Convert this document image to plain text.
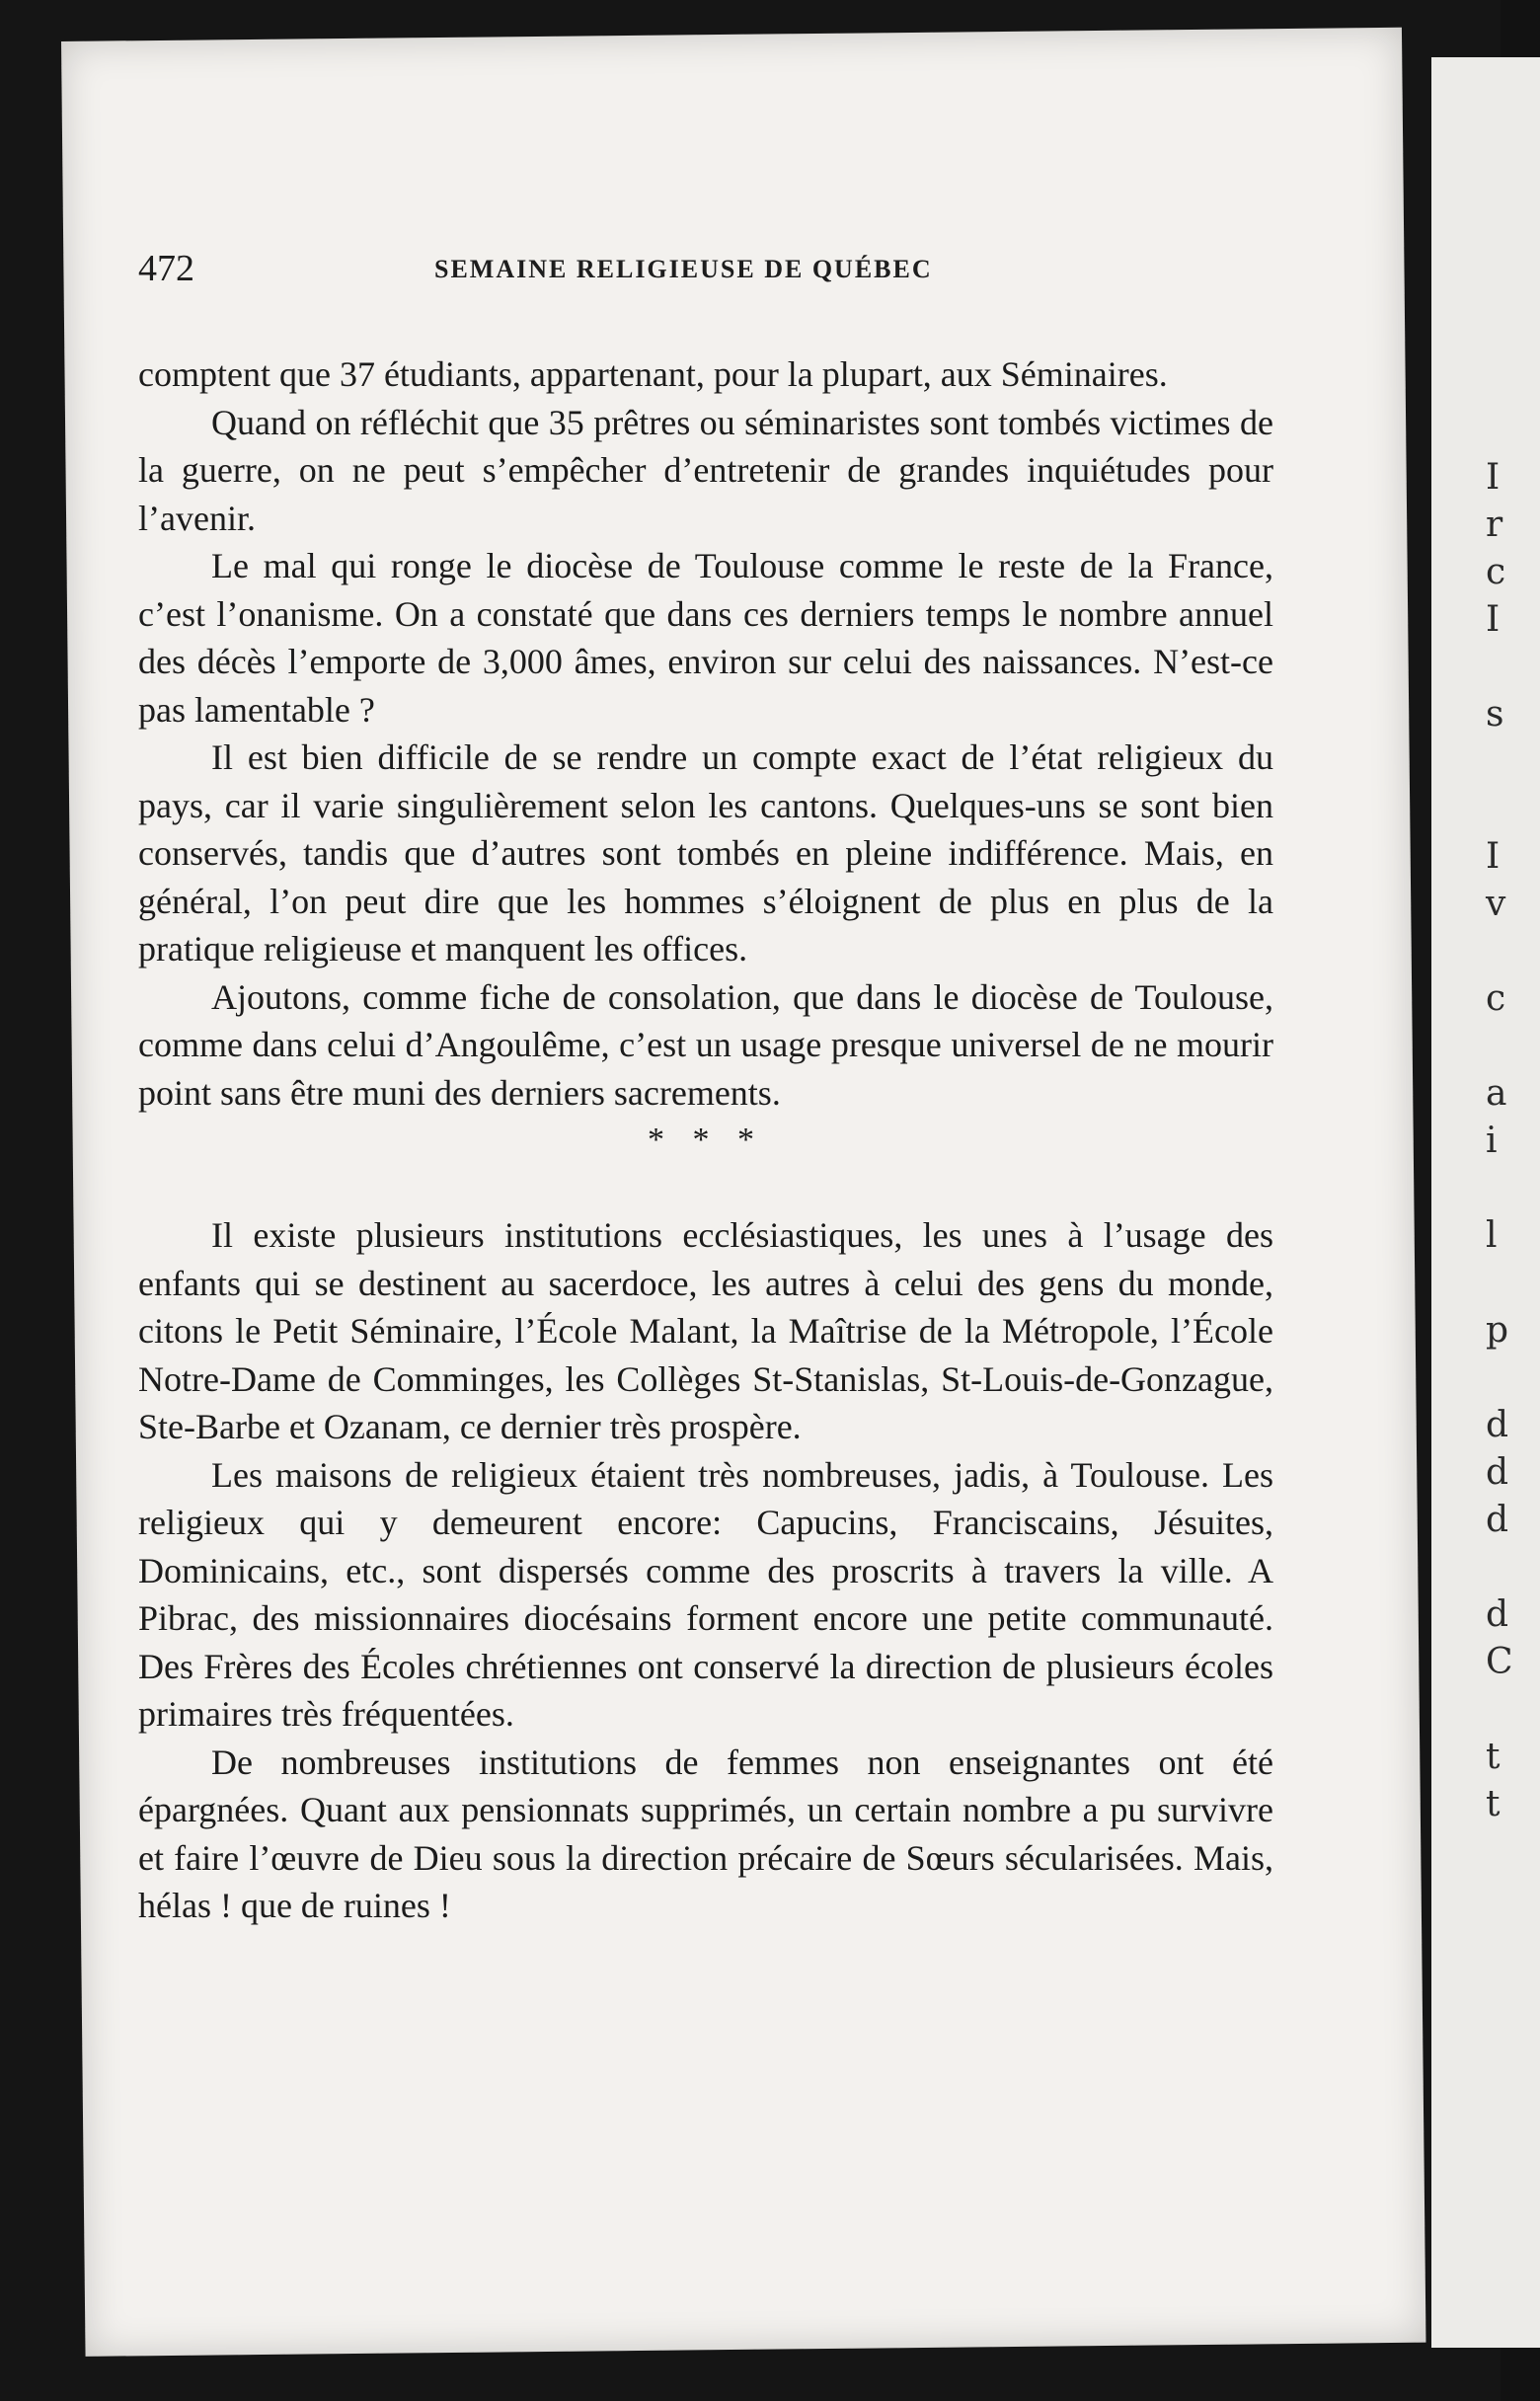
I
r
c
I

s

I
v

c

a
i

l

p

d
d
d

d
C

t
t
472	SEMAINE RELIGIEUSE DE QUÉBEC

comptent que 37 étudiants, appartenant, pour la plupart, aux Séminaires.

Quand on réfléchit que 35 prêtres ou séminaristes sont tombés victimes de la guerre, on ne peut s’empêcher d’entretenir de grandes inquiétudes pour l’avenir.

Le mal qui ronge le diocèse de Toulouse comme le reste de la France, c’est l’onanisme. On a constaté que dans ces derniers temps le nombre annuel des décès l’emporte de 3,000 âmes, environ sur celui des naissances. N’est-ce pas lamentable ?

Il est bien difficile de se rendre un compte exact de l’état religieux du pays, car il varie singulièrement selon les cantons. Quelques-uns se sont bien conservés, tandis que d’autres sont tombés en pleine indifférence. Mais, en général, l’on peut dire que les hommes s’éloignent de plus en plus de la pratique religieuse et manquent les offices.

Ajoutons, comme fiche de consolation, que dans le diocèse de Toulouse, comme dans celui d’Angoulême, c’est un usage presque universel de ne mourir point sans être muni des derniers sacrements.

* * *

Il existe plusieurs institutions ecclésiastiques, les unes à l’usage des enfants qui se destinent au sacerdoce, les autres à celui des gens du monde, citons le Petit Séminaire, l’École Malant, la Maîtrise de la Métropole, l’École Notre-Dame de Comminges, les Collèges St-Stanislas, St-Louis-de-Gonzague, Ste-Barbe et Ozanam, ce dernier très prospère.

Les maisons de religieux étaient très nombreuses, jadis, à Toulouse. Les religieux qui y demeurent encore: Capucins, Franciscains, Jésuites, Dominicains, etc., sont dispersés comme des proscrits à travers la ville. A Pibrac, des missionnaires diocésains forment encore une petite communauté. Des Frères des Écoles chrétiennes ont conservé la direction de plusieurs écoles primaires très fréquentées.

De nombreuses institutions de femmes non enseignantes ont été épargnées. Quant aux pensionnats supprimés, un certain nombre a pu survivre et faire l’œuvre de Dieu sous la direction précaire de Sœurs sécularisées. Mais, hélas ! que de ruines !
